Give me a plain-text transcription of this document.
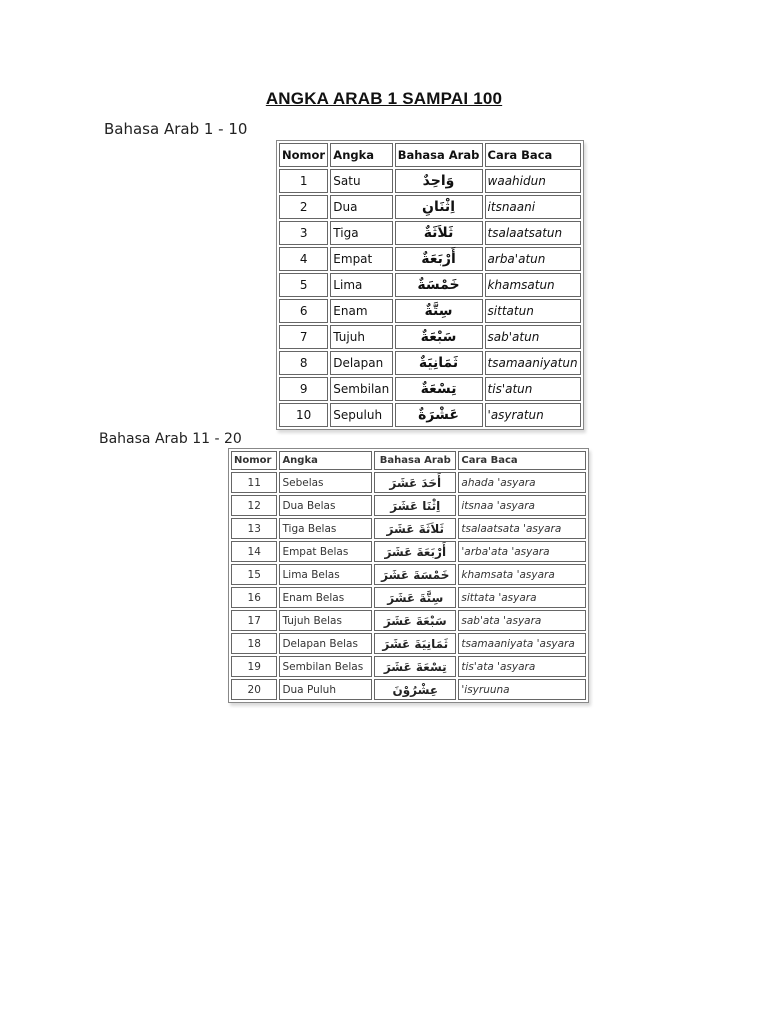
ANGKA ARAB 1 SAMPAI 100
Bahasa Arab 1 - 10
Nomor	Angka	Bahasa Arab	Cara Baca
1	Satu	وَاحِدٌ	waahidun
2	Dua	اِثْنَانِ	itsnaani
3	Tiga	ثَلاَثَةٌ	tsalaatsatun
4	Empat	أَرْبَعَةٌ	arba'atun
5	Lima	خَمْسَةٌ	khamsatun
6	Enam	سِتَّةٌ	sittatun
7	Tujuh	سَبْعَةٌ	sab'atun
8	Delapan	ثَمَانِيَةٌ	tsamaaniyatun
9	Sembilan	تِسْعَةٌ	tis'atun
10	Sepuluh	عَشْرَةٌ	'asyratun
Bahasa Arab 11 - 20
Nomor	Angka	Bahasa Arab	Cara Baca
11	Sebelas	أَحَدَ عَشَرَ	ahada 'asyara
12	Dua Belas	اِثْنَا عَشَرَ	itsnaa 'asyara
13	Tiga Belas	ثَلاَثَةَ عَشَرَ	tsalaatsata 'asyara
14	Empat Belas	أَرْبَعَةَ عَشَرَ	'arba'ata 'asyara
15	Lima Belas	خَمْسَةَ عَشَرَ	khamsata 'asyara
16	Enam Belas	سِتَّةَ عَشَرَ	sittata 'asyara
17	Tujuh Belas	سَبْعَةَ عَشَرَ	sab'ata 'asyara
18	Delapan Belas	ثَمَانِيَةَ عَشَرَ	tsamaaniyata 'asyara
19	Sembilan Belas	تِسْعَةَ عَشَرَ	tis'ata 'asyara
20	Dua Puluh	عِشْرُوْنَ	'isyruuna
